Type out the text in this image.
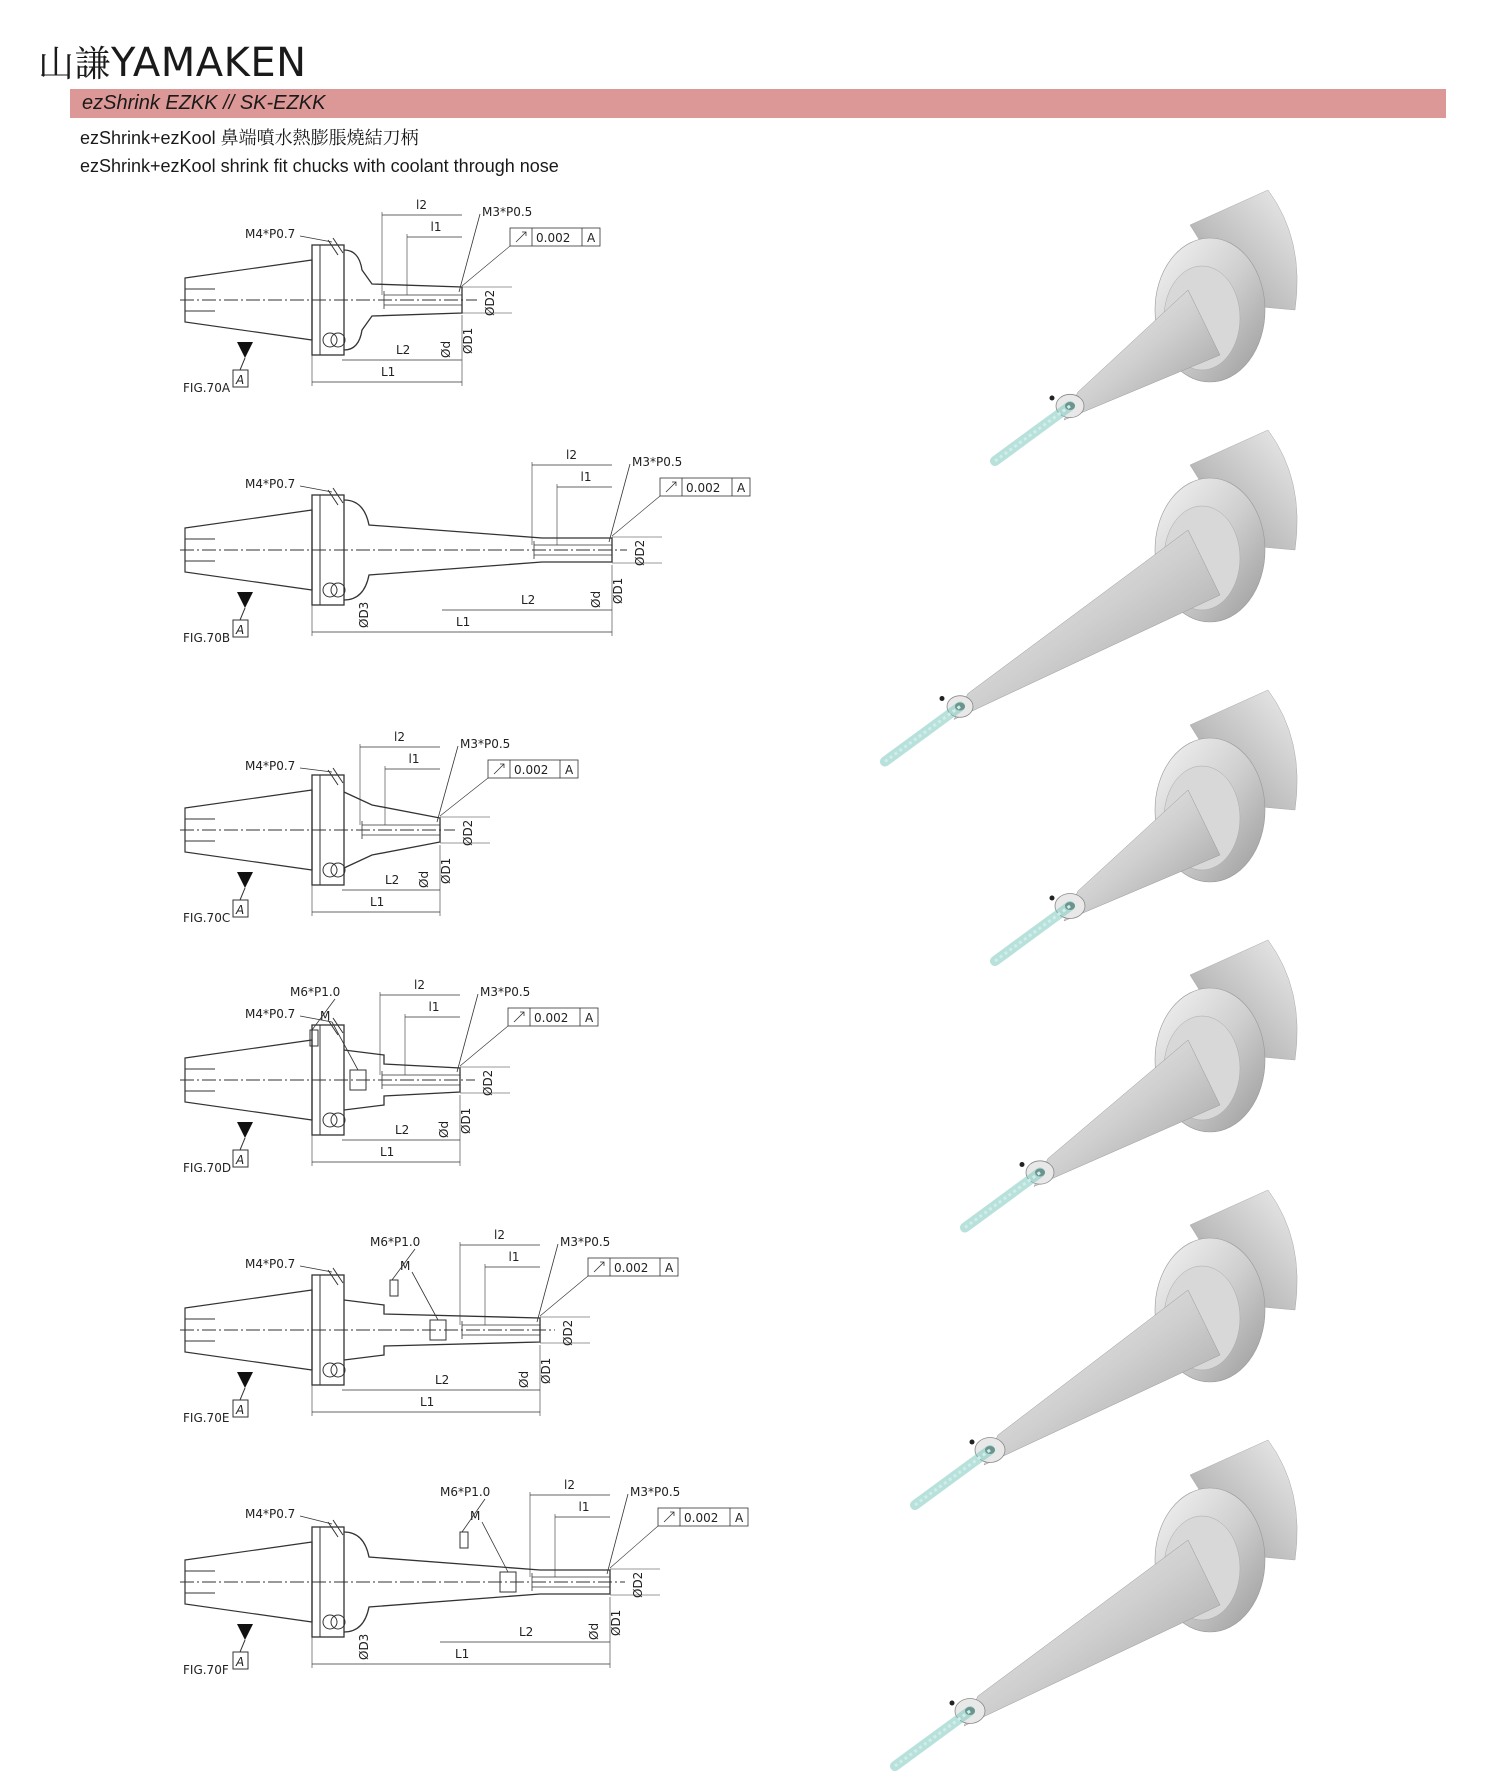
山謙YAMAKEN
ezShrink EZKK // SK-EZKK
ezShrink+ezKool 鼻端噴水熱膨脹燒結刀柄
ezShrink+ezKool shrink fit chucks with coolant through nose
A
FIG.70A
M4*P0.7
l2
l1
M3*P0.5
0.002 A
ØD2
ØD1
Ød
L2
L1
A
FIG.70B
M4*P0.7
l2
l1
M3*P0.5
0.002 A
ØD2
ØD1
Ød
ØD3
L2
L1
A
FIG.70C
M4*P0.7
l2
l1
M3*P0.5
0.002 A
ØD2
ØD1
Ød
L2
L1
A
FIG.70D
M4*P0.7
M6*P1.0
M
l2
l1
M3*P0.5
0.002 A
ØD2
ØD1
Ød
L2
L1
A
FIG.70E
M4*P0.7
M6*P1.0
M
l2
l1
M3*P0.5
0.002 A
ØD2
ØD1
Ød
L2
L1
A
FIG.70F
M4*P0.7
M6*P1.0
M
l2
l1
M3*P0.5
0.002 A
ØD2
ØD1
Ød
ØD3
L2
L1
